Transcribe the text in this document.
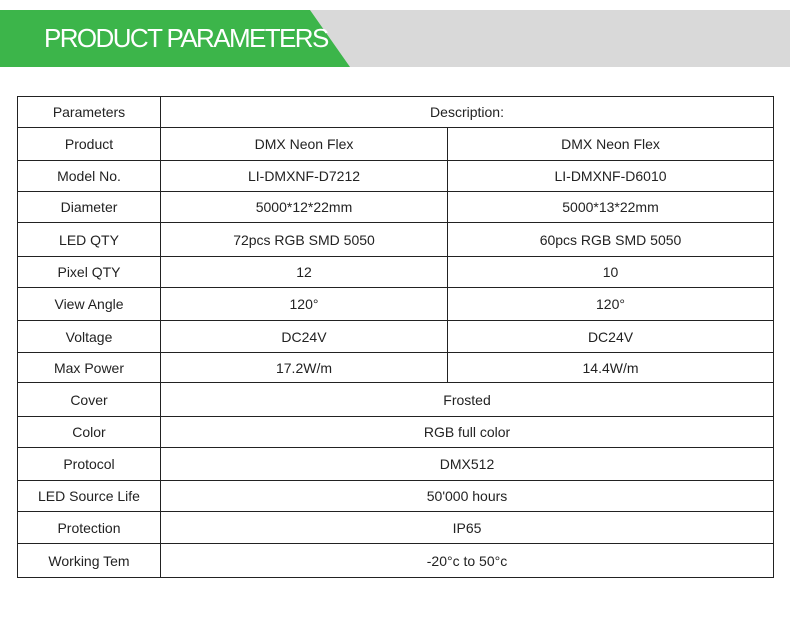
PRODUCT PARAMETERS
Parameters	Description:	
Product	DMX Neon Flex	DMX Neon Flex
Model No.	LI-DMXNF-D7212	LI-DMXNF-D6010
Diameter	5000*12*22mm	5000*13*22mm
LED QTY	72pcs RGB SMD 5050	60pcs RGB SMD 5050
Pixel QTY	12	10
View Angle	120°	120°
Voltage	DC24V	DC24V
Max Power	17.2W/m	14.4W/m
Cover	Frosted	
Color	RGB full color	
Protocol	DMX512	
LED Source Life	50'000 hours	
Protection	IP65	
Working Tem	-20°c to 50°c	
